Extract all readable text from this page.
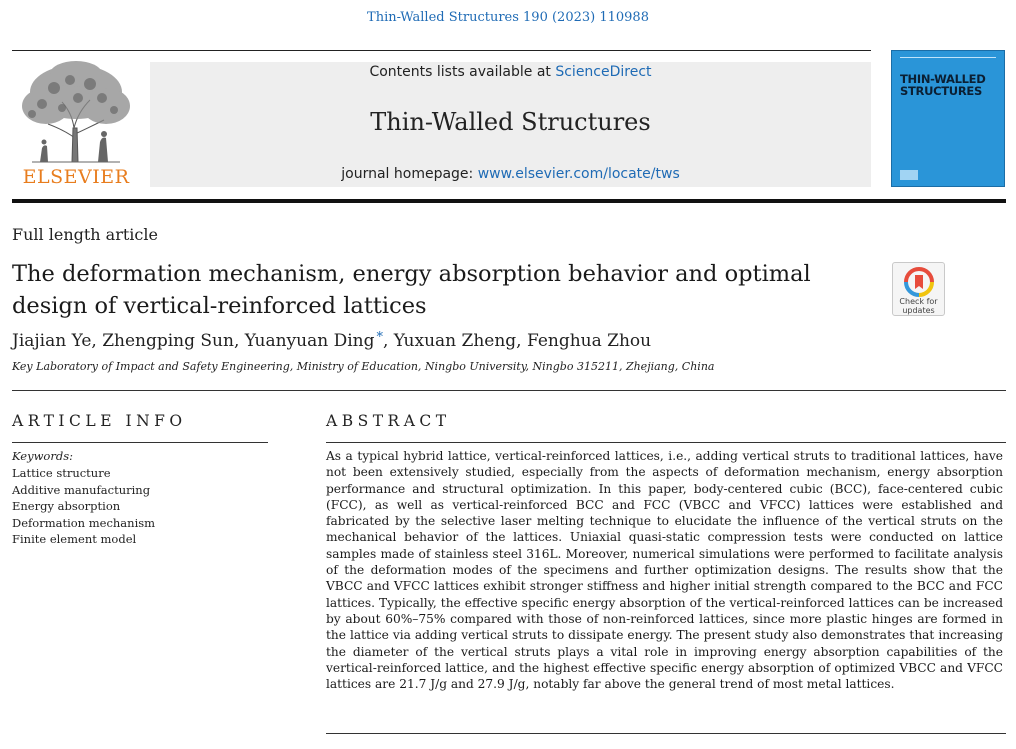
Thin-Walled Structures 190 (2023) 110988
ELSEVIER
Contents lists available at ScienceDirect
Thin-Walled Structures
journal homepage: www.elsevier.com/locate/tws
THIN-WALLED
STRUCTURES
Full length article
The deformation mechanism, energy absorption behavior and optimal design of vertical-reinforced lattices	Check for
updates
Jiajian Ye, Zhengping Sun, Yuanyuan Ding *, Yuxuan Zheng, Fenghua Zhou
Key Laboratory of Impact and Safety Engineering, Ministry of Education, Ningbo University, Ningbo 315211, Zhejiang, China
ARTICLE INFO
Keywords:
Lattice structure
Additive manufacturing
Energy absorption
Deformation mechanism
Finite element model
ABSTRACT

As a typical hybrid lattice, vertical-reinforced lattices, i.e., adding vertical struts to traditional lattices, have not been extensively studied, especially from the aspects of deformation mechanism, energy absorption performance and structural optimization. In this paper, body-centered cubic (BCC), face-centered cubic (FCC), as well as vertical-reinforced BCC and FCC (VBCC and VFCC) lattices were established and fabricated by the selective laser melting technique to elucidate the influence of the vertical struts on the mechanical behavior of the lattices. Uniaxial quasi-static compression tests were conducted on lattice samples made of stainless steel 316L. Moreover, numerical simulations were performed to facilitate analysis of the deformation modes of the specimens and further optimization designs. The results show that the VBCC and VFCC lattices exhibit stronger stiffness and higher initial strength compared to the BCC and FCC lattices. Typically, the effective specific energy absorption of the vertical-reinforced lattices can be increased by about 60%–75% compared with those of non-reinforced lattices, since more plastic hinges are formed in the lattice via adding vertical struts to dissipate energy. The present study also demonstrates that increasing the diameter of the vertical struts plays a vital role in improving energy absorption capabilities of the vertical-reinforced lattice, and the highest effective specific energy absorption of optimized VBCC and VFCC lattices are 21.7 J/g and 27.9 J/g, notably far above the general trend of most metal lattices.
